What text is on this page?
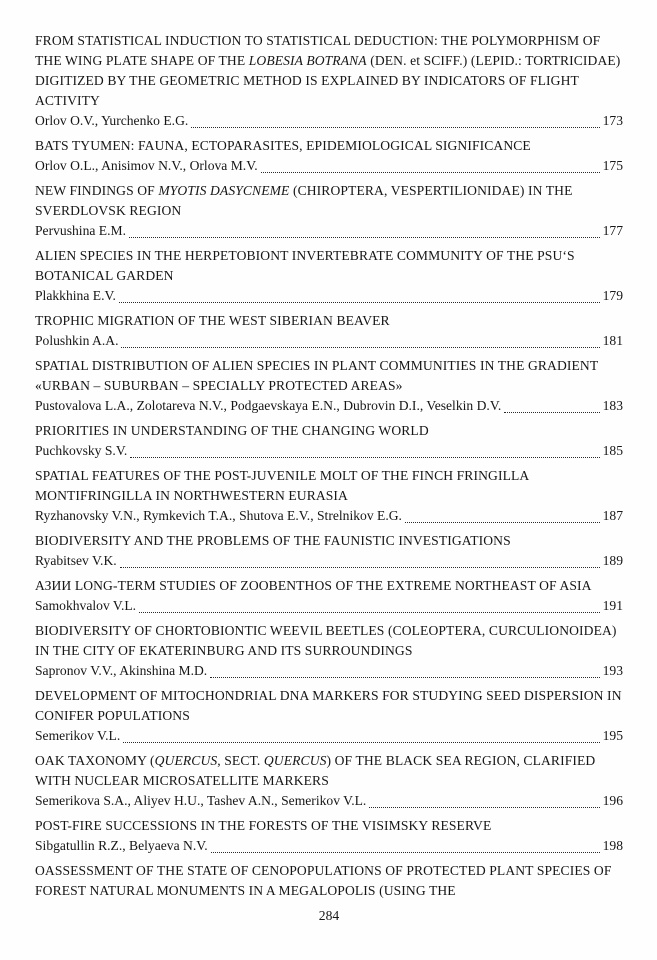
FROM STATISTICAL INDUCTION TO STATISTICAL DEDUCTION: THE POLYMORPHISM OF THE WING PLATE SHAPE OF THE LOBESIA BOTRANA (DEN. et SCIFF.) (LEPID.: TORTRICIDAE) DIGITIZED BY THE GEOMETRIC METHOD IS EXPLAINED BY INDICATORS OF FLIGHT ACTIVITY
Orlov O.V., Yurchenko E.G.	173
BATS TYUMEN: FAUNA, ECTOPARASITES, EPIDEMIOLOGICAL SIGNIFICANCE
Orlov O.L., Anisimov N.V., Orlova M.V.	175
NEW FINDINGS OF MYOTIS DASYCNEME (CHIROPTERA, VESPERTILIONIDAE) IN THE SVERDLOVSK REGION
Pervushina E.M.	177
ALIEN SPECIES IN THE HERPETOBIONT INVERTEBRATE COMMUNITY OF THE PSU‘S BOTANICAL GARDEN
Plakkhina E.V.	179
TROPHIC MIGRATION OF THE WEST SIBERIAN BEAVER
Polushkin A.A.	181
SPATIAL DISTRIBUTION OF ALIEN SPECIES IN PLANT COMMUNITIES IN THE GRADIENT «URBAN – SUBURBAN – SPECIALLY PROTECTED AREAS»
Pustovalova L.A., Zolotareva N.V., Podgaevskaya E.N., Dubrovin D.I., Veselkin D.V.	183
PRIORITIES IN UNDERSTANDING OF THE CHANGING WORLD
Puchkovsky S.V.	185
SPATIAL FEATURES OF THE POST-JUVENILE MOLT OF THE FINCH FRINGILLA MONTIFRINGILLA IN NORTHWESTERN EURASIA
Ryzhanovsky V.N., Rymkevich T.A., Shutova E.V., Strelnikov E.G.	187
BIODIVERSITY AND THE PROBLEMS OF THE FAUNISTIC INVESTIGATIONS
Ryabitsev V.K.	189
АЗИИ LONG-TERM STUDIES OF ZOOBENTHOS OF THE EXTREME NORTHEAST OF ASIA
Samokhvalov V.L.	191
BIODIVERSITY OF CHORTOBIONTIC WEEVIL BEETLES (COLEOPTERA, CURCULIONOIDEA) IN THE CITY OF EKATERINBURG AND ITS SURROUNDINGS
Sapronov V.V., Akinshina M.D.	193
DEVELOPMENT OF MITOCHONDRIAL DNA MARKERS FOR STUDYING SEED DISPERSION IN CONIFER POPULATIONS
Semerikov V.L.	195
OAK TAXONOMY (QUERCUS, SECT. QUERCUS) OF THE BLACK SEA REGION, CLARIFIED WITH NUCLEAR MICROSATELLITE MARKERS
Semerikova S.A., Aliyev H.U., Tashev A.N., Semerikov V.L.	196
POST-FIRE SUCCESSIONS IN THE FORESTS OF THE VISIMSKY RESERVE
Sibgatullin R.Z., Belyaeva N.V.	198
OASSESSMENT OF THE STATE OF CENOPOPULATIONS OF PROTECTED PLANT SPECIES OF FOREST NATURAL MONUMENTS IN A MEGALOPOLIS (USING THE
284
